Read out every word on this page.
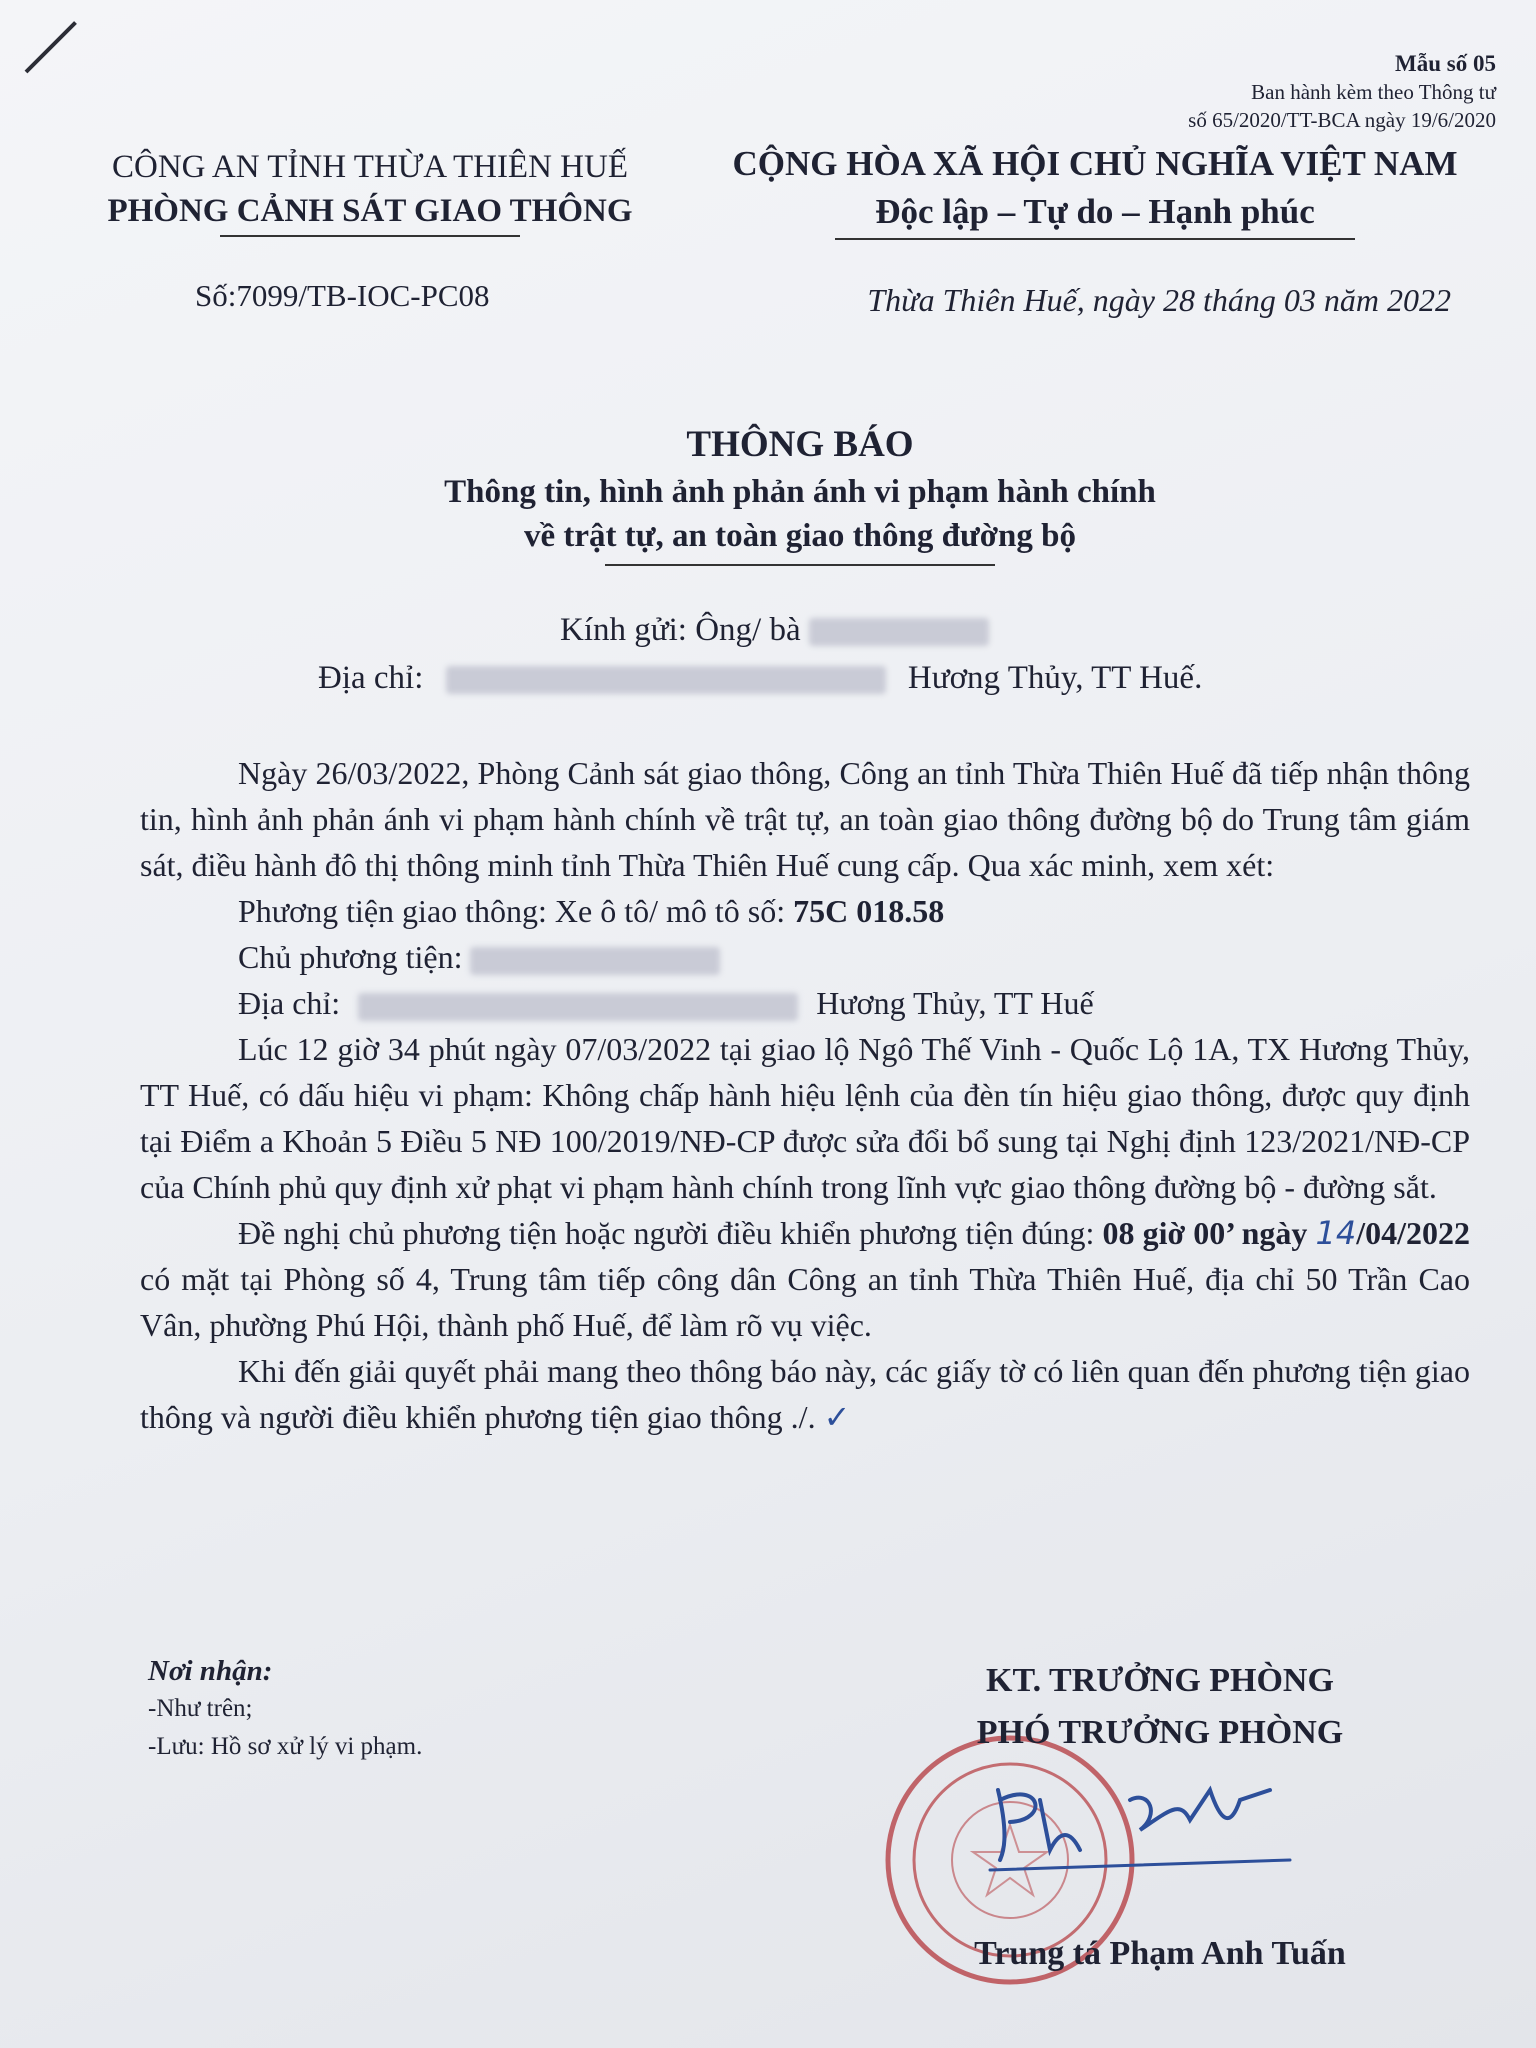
Mẫu số 05
Ban hành kèm theo Thông tư
số 65/2020/TT-BCA ngày 19/6/2020
CÔNG AN TỈNH THỪA THIÊN HUẾ
PHÒNG CẢNH SÁT GIAO THÔNG
CỘNG HÒA XÃ HỘI CHỦ NGHĨA VIỆT NAM
Độc lập – Tự do – Hạnh phúc
Số:7099/TB-IOC-PC08	Thừa Thiên Huế, ngày 28 tháng 03 năm 2022
THÔNG BÁO
Thông tin, hình ảnh phản ánh vi phạm hành chính
về trật tự, an toàn giao thông đường bộ
Kính gửi: Ông/ bà
Địa chỉ:	Hương Thủy, TT Huế.

Ngày 26/03/2022, Phòng Cảnh sát giao thông, Công an tỉnh Thừa Thiên Huế đã tiếp nhận thông tin, hình ảnh phản ánh vi phạm hành chính về trật tự, an toàn giao thông đường bộ do Trung tâm giám sát, điều hành đô thị thông minh tỉnh Thừa Thiên Huế cung cấp. Qua xác minh, xem xét:

Phương tiện giao thông: Xe ô tô/ mô tô số: 75C 018.58
Chủ phương tiện:
Địa chỉ:	Hương Thủy, TT Huế

Lúc 12 giờ 34 phút ngày 07/03/2022 tại giao lộ Ngô Thế Vinh - Quốc Lộ 1A, TX Hương Thủy, TT Huế, có dấu hiệu vi phạm: Không chấp hành hiệu lệnh của đèn tín hiệu giao thông, được quy định tại Điểm a Khoản 5 Điều 5 NĐ 100/2019/NĐ-CP được sửa đổi bổ sung tại Nghị định 123/2021/NĐ-CP của Chính phủ quy định xử phạt vi phạm hành chính trong lĩnh vực giao thông đường bộ - đường sắt.

Đề nghị chủ phương tiện hoặc người điều khiển phương tiện đúng: 08 giờ 00’ ngày 14/04/2022 có mặt tại Phòng số 4, Trung tâm tiếp công dân Công an tỉnh Thừa Thiên Huế, địa chỉ 50 Trần Cao Vân, phường Phú Hội, thành phố Huế, để làm rõ vụ việc.

Khi đến giải quyết phải mang theo thông báo này, các giấy tờ có liên quan đến phương tiện giao thông và người điều khiển phương tiện giao thông ./. ✓

Nơi nhận:
-Như trên;
-Lưu: Hồ sơ xử lý vi phạm.
KT. TRƯỞNG PHÒNG
PHÓ TRƯỞNG PHÒNG
Trung tá Phạm Anh Tuấn
